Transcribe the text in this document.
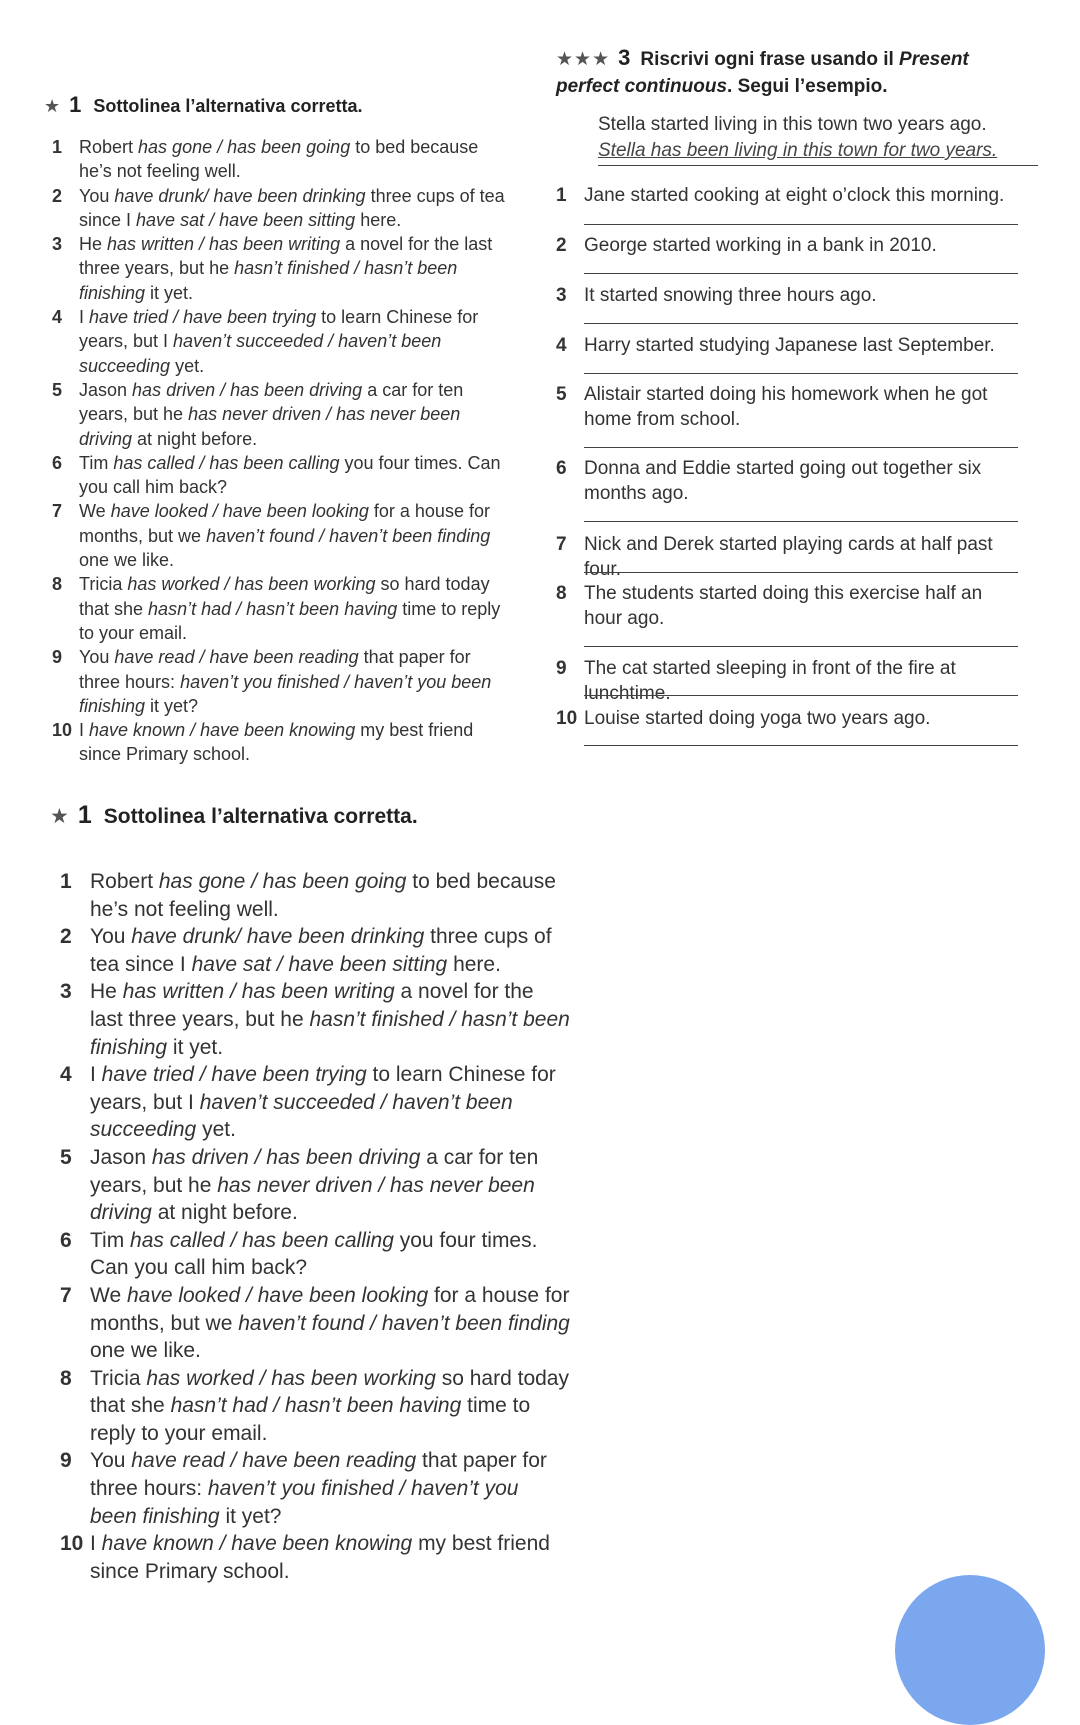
★★★ 3 Riscrivi ogni frase usando il Present perfect continuous. Segui l’esempio.
Stella started living in this town two years ago.
Stella has been living in this town for two years.
1 Jane started cooking at eight o’clock this morning.
2 George started working in a bank in 2010.
3 It started snowing three hours ago.
4 Harry started studying Japanese last September.
5 Alistair started doing his homework when he got home from school.
6 Donna and Eddie started going out together six months ago.
7 Nick and Derek started playing cards at half past four.
8 The students started doing this exercise half an hour ago.
9 The cat started sleeping in front of the fire at lunchtime.
10 Louise started doing yoga two years ago.
★ 1 Sottolinea l’alternativa corretta.
1 Robert has gone / has been going to bed because he’s not feeling well.
2 You have drunk/ have been drinking three cups of tea since I have sat / have been sitting here.
3 He has written / has been writing a novel for the last three years, but he hasn’t finished / hasn’t been finishing it yet.
4 I have tried / have been trying to learn Chinese for years, but I haven’t succeeded / haven’t been succeeding yet.
5 Jason has driven / has been driving a car for ten years, but he has never driven / has never been driving at night before.
6 Tim has called / has been calling you four times. Can you call him back?
7 We have looked / have been looking for a house for months, but we haven’t found / haven’t been finding one we like.
8 Tricia has worked / has been working so hard today that she hasn’t had / hasn’t been having time to reply to your email.
9 You have read / have been reading that paper for three hours: haven’t you finished / haven’t you been finishing it yet?
10 I have known / have been knowing my best friend since Primary school.
★ 1 Sottolinea l’alternativa corretta.
1 Robert has gone / has been going to bed because he’s not feeling well.
2 You have drunk/ have been drinking three cups of tea since I have sat / have been sitting here.
3 He has written / has been writing a novel for the last three years, but he hasn’t finished / hasn’t been finishing it yet.
4 I have tried / have been trying to learn Chinese for years, but I haven’t succeeded / haven’t been succeeding yet.
5 Jason has driven / has been driving a car for ten years, but he has never driven / has never been driving at night before.
6 Tim has called / has been calling you four times. Can you call him back?
7 We have looked / have been looking for a house for months, but we haven’t found / haven’t been finding one we like.
8 Tricia has worked / has been working so hard today that she hasn’t had / hasn’t been having time to reply to your email.
9 You have read / have been reading that paper for three hours: haven’t you finished / haven’t you been finishing it yet?
10 I have known / have been knowing my best friend since Primary school.
